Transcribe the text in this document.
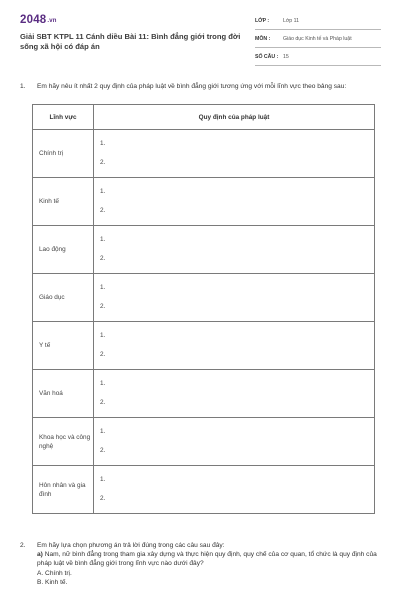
2048.vn
Giải SBT KTPL 11 Cánh diều Bài 11: Bình đẳng giới trong đời sống xã hội có đáp án
LỚP :	Lớp 11
MÔN : Giáo dục Kinh tế và Pháp luật
SỐ CÂU : 15
1. Em hãy nêu ít nhất 2 quy định của pháp luật về bình đẳng giới tương ứng với mỗi lĩnh vực theo bảng sau:
Lĩnh vực	Quy định của pháp luật
Chính trị	1.
2.

Kinh tế	1.
2.

Lao động	1.
2.

Giáo dục	1.
2.

Y tế	1.
2.

Văn hoá	1.
2.

Khoa học và công nghệ	1.
2.

Hôn nhân và gia đình	1.
2.
2. Em hãy lựa chọn phương án trả lời đúng trong các câu sau đây:
a) Nam, nữ bình đẳng trong tham gia xây dựng và thực hiện quy định, quy chế của cơ quan, tổ chức là quy định của pháp luật về bình đẳng giới trong lĩnh vực nào dưới đây?
A. Chính trị.
B. Kinh tế.
